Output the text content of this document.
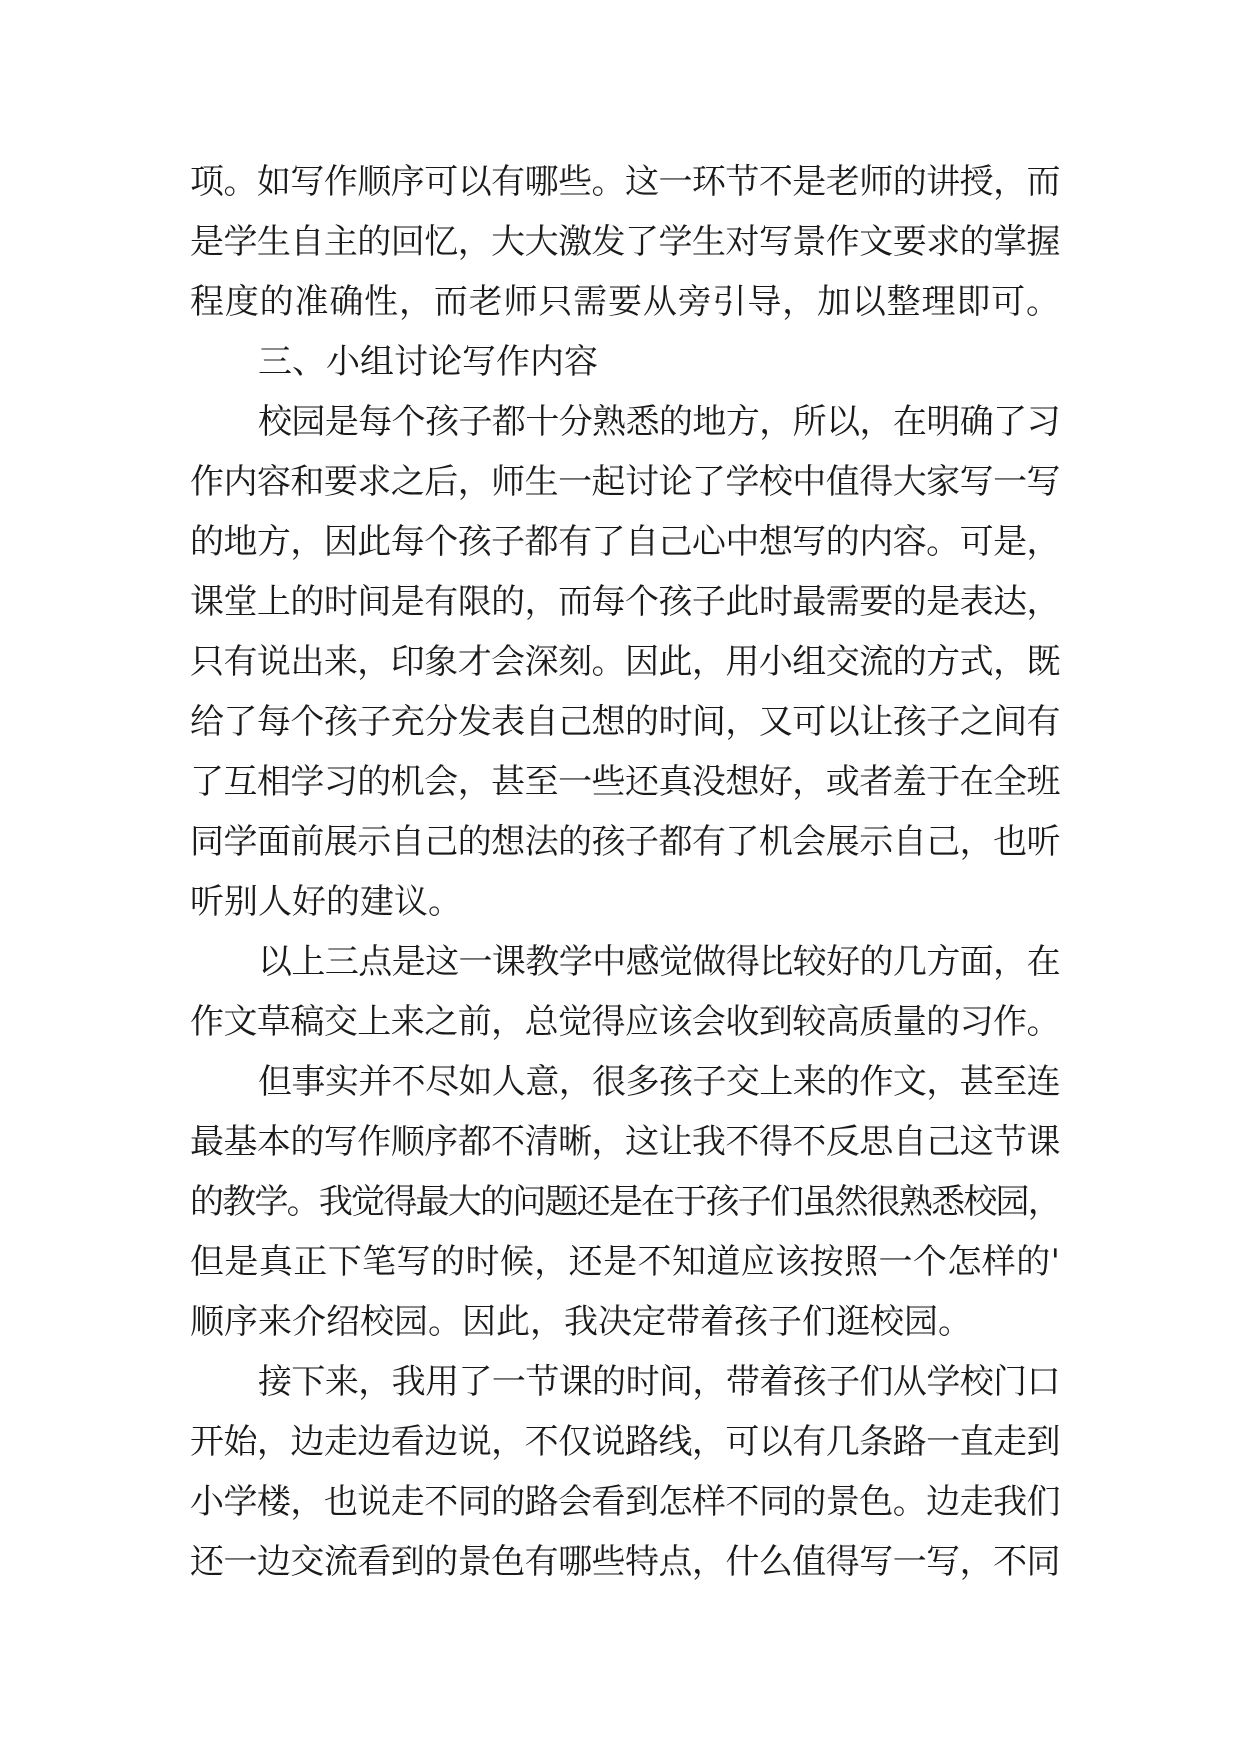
项。如写作顺序可以有哪些。这一环节不是老师的讲授，而
是学生自主的回忆，大大激发了学生对写景作文要求的掌握
程度的准确性，而老师只需要从旁引导，加以整理即可。
三、小组讨论写作内容
校园是每个孩子都十分熟悉的地方，所以，在明确了习
作内容和要求之后，师生一起讨论了学校中值得大家写一写
的地方，因此每个孩子都有了自己心中想写的内容。可是，
课堂上的时间是有限的，而每个孩子此时最需要的是表达，
只有说出来，印象才会深刻。因此，用小组交流的方式，既
给了每个孩子充分发表自己想的时间，又可以让孩子之间有
了互相学习的机会，甚至一些还真没想好，或者羞于在全班
同学面前展示自己的想法的孩子都有了机会展示自己，也听
听别人好的建议。
以上三点是这一课教学中感觉做得比较好的几方面，在
作文草稿交上来之前，总觉得应该会收到较高质量的习作。
但事实并不尽如人意，很多孩子交上来的作文，甚至连
最基本的写作顺序都不清晰，这让我不得不反思自己这节课
的教学。我觉得最大的问题还是在于孩子们虽然很熟悉校园，
但是真正下笔写的时候，还是不知道应该按照一个怎样的'
顺序来介绍校园。因此，我决定带着孩子们逛校园。
接下来，我用了一节课的时间，带着孩子们从学校门口
开始，边走边看边说，不仅说路线，可以有几条路一直走到
小学楼，也说走不同的路会看到怎样不同的景色。边走我们
还一边交流看到的景色有哪些特点，什么值得写一写，不同
